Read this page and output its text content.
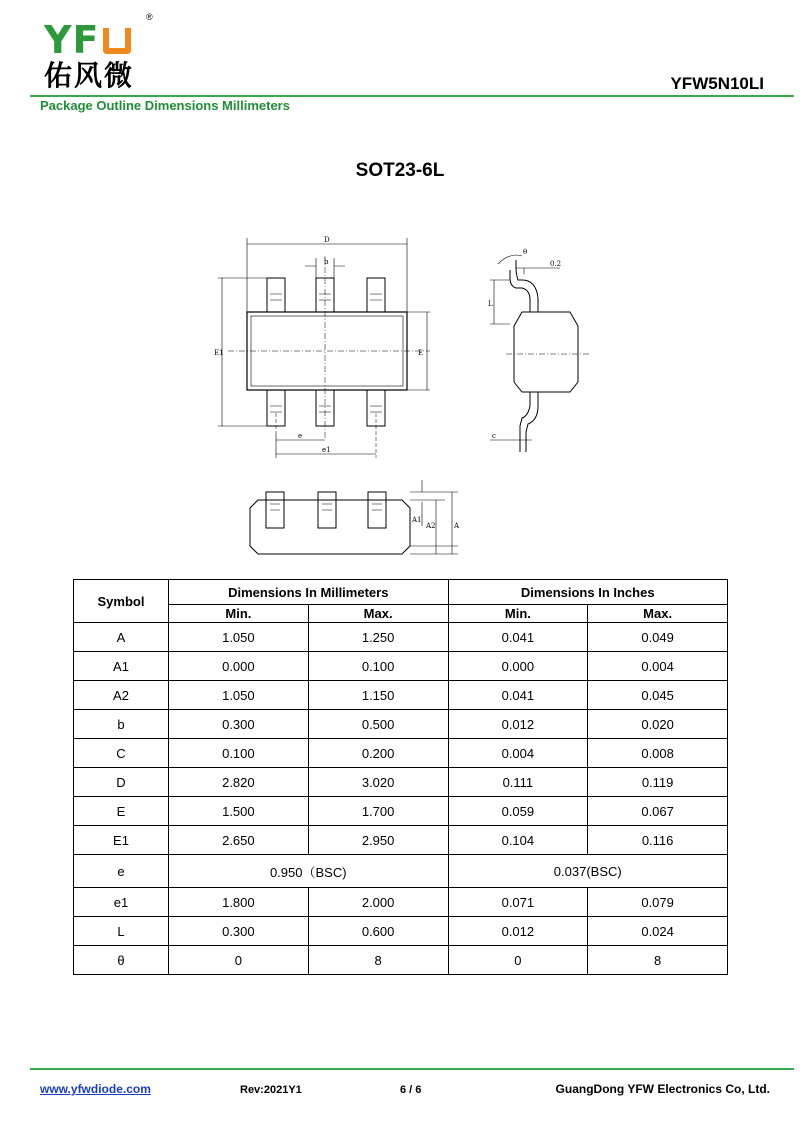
YF
®
佑风微	YFW5N10LI
Package Outline Dimensions Millimeters
SOT23-6L
D
b
E1	E
e
e1
θ
0.2
L
c
A1
A2	A
Symbol	Dimensions In Millimeters		Dimensions In Inches	
	Min.	Max.	Min.	Max.
A	1.050	1.250	0.041	0.049
A1	0.000	0.100	0.000	0.004
A2	1.050	1.150	0.041	0.045
b	0.300	0.500	0.012	0.020
C	0.100	0.200	0.004	0.008
D	2.820	3.020	0.111	0.119
E	1.500	1.700	0.059	0.067
E1	2.650	2.950	0.104	0.116
e	0.950（BSC)		0.037(BSC)	
e1	1.800	2.000	0.071	0.079
L	0.300	0.600	0.012	0.024
θ	0	8	0	8
www.yfwdiode.com	Rev:2021Y1	6 / 6	GuangDong YFW Electronics Co, Ltd.
